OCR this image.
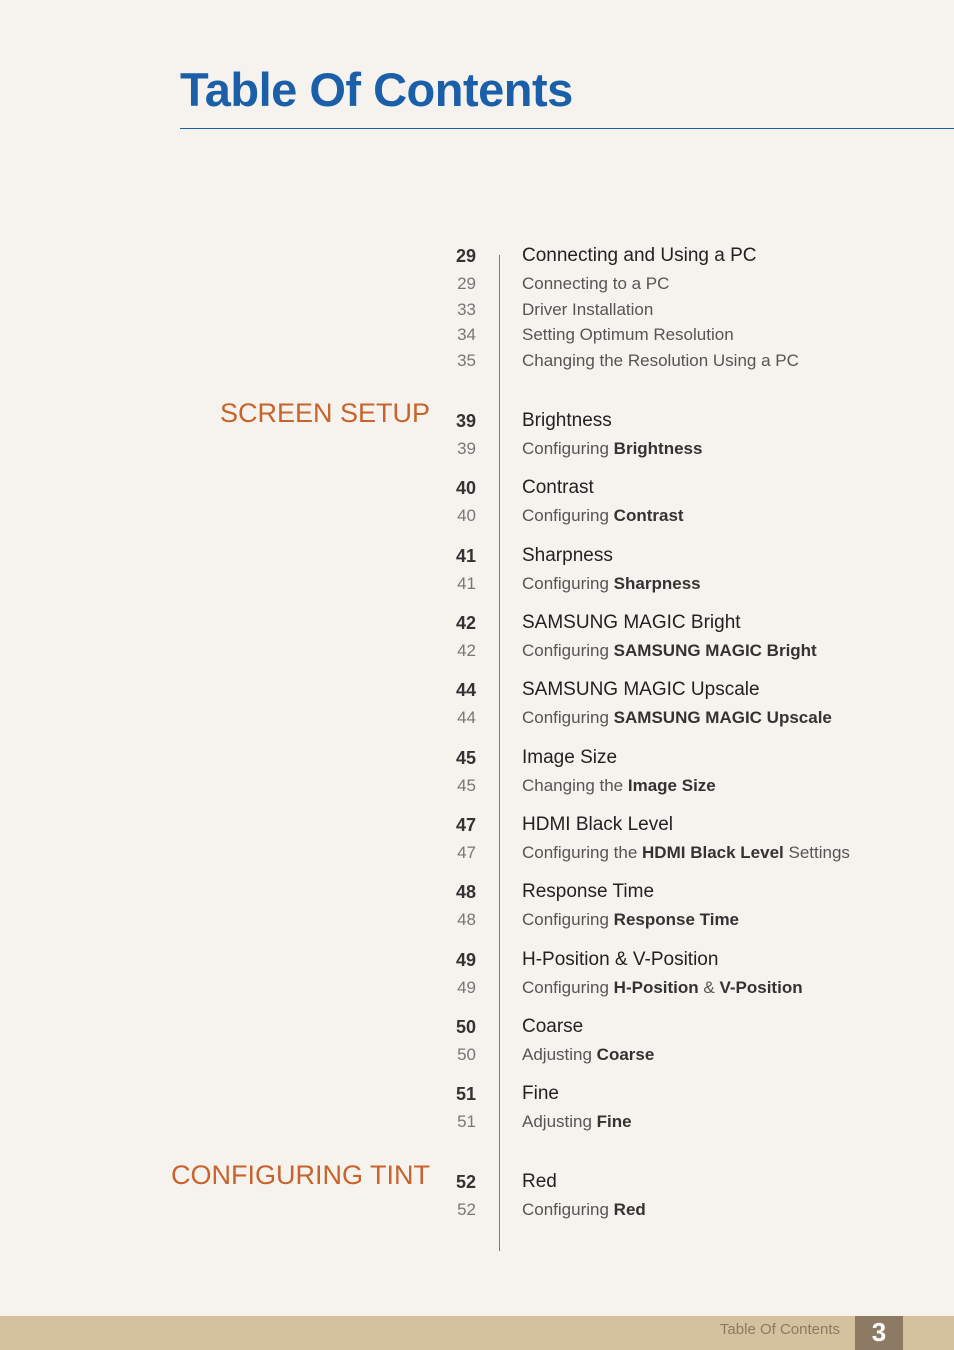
Table Of Contents
SCREEN SETUP
CONFIGURING TINT
29 Connecting and Using a PC
29	Connecting to a PC
33	Driver Installation
34	Setting Optimum Resolution
35	Changing the Resolution Using a PC
39 Brightness
39	Configuring Brightness
40 Contrast
40	Configuring Contrast
41 Sharpness
41	Configuring Sharpness
42 SAMSUNG MAGIC Bright
42	Configuring SAMSUNG MAGIC Bright
44 SAMSUNG MAGIC Upscale
44	Configuring SAMSUNG MAGIC Upscale
45 Image Size
45	Changing the Image Size
47 HDMI Black Level
47	Configuring the HDMI Black Level Settings
48 Response Time
48	Configuring Response Time
49 H-Position & V-Position
49	Configuring H-Position & V-Position
50 Coarse
50	Adjusting Coarse
51 Fine
51	Adjusting Fine
52 Red
52	Configuring Red
Table Of Contents	3
